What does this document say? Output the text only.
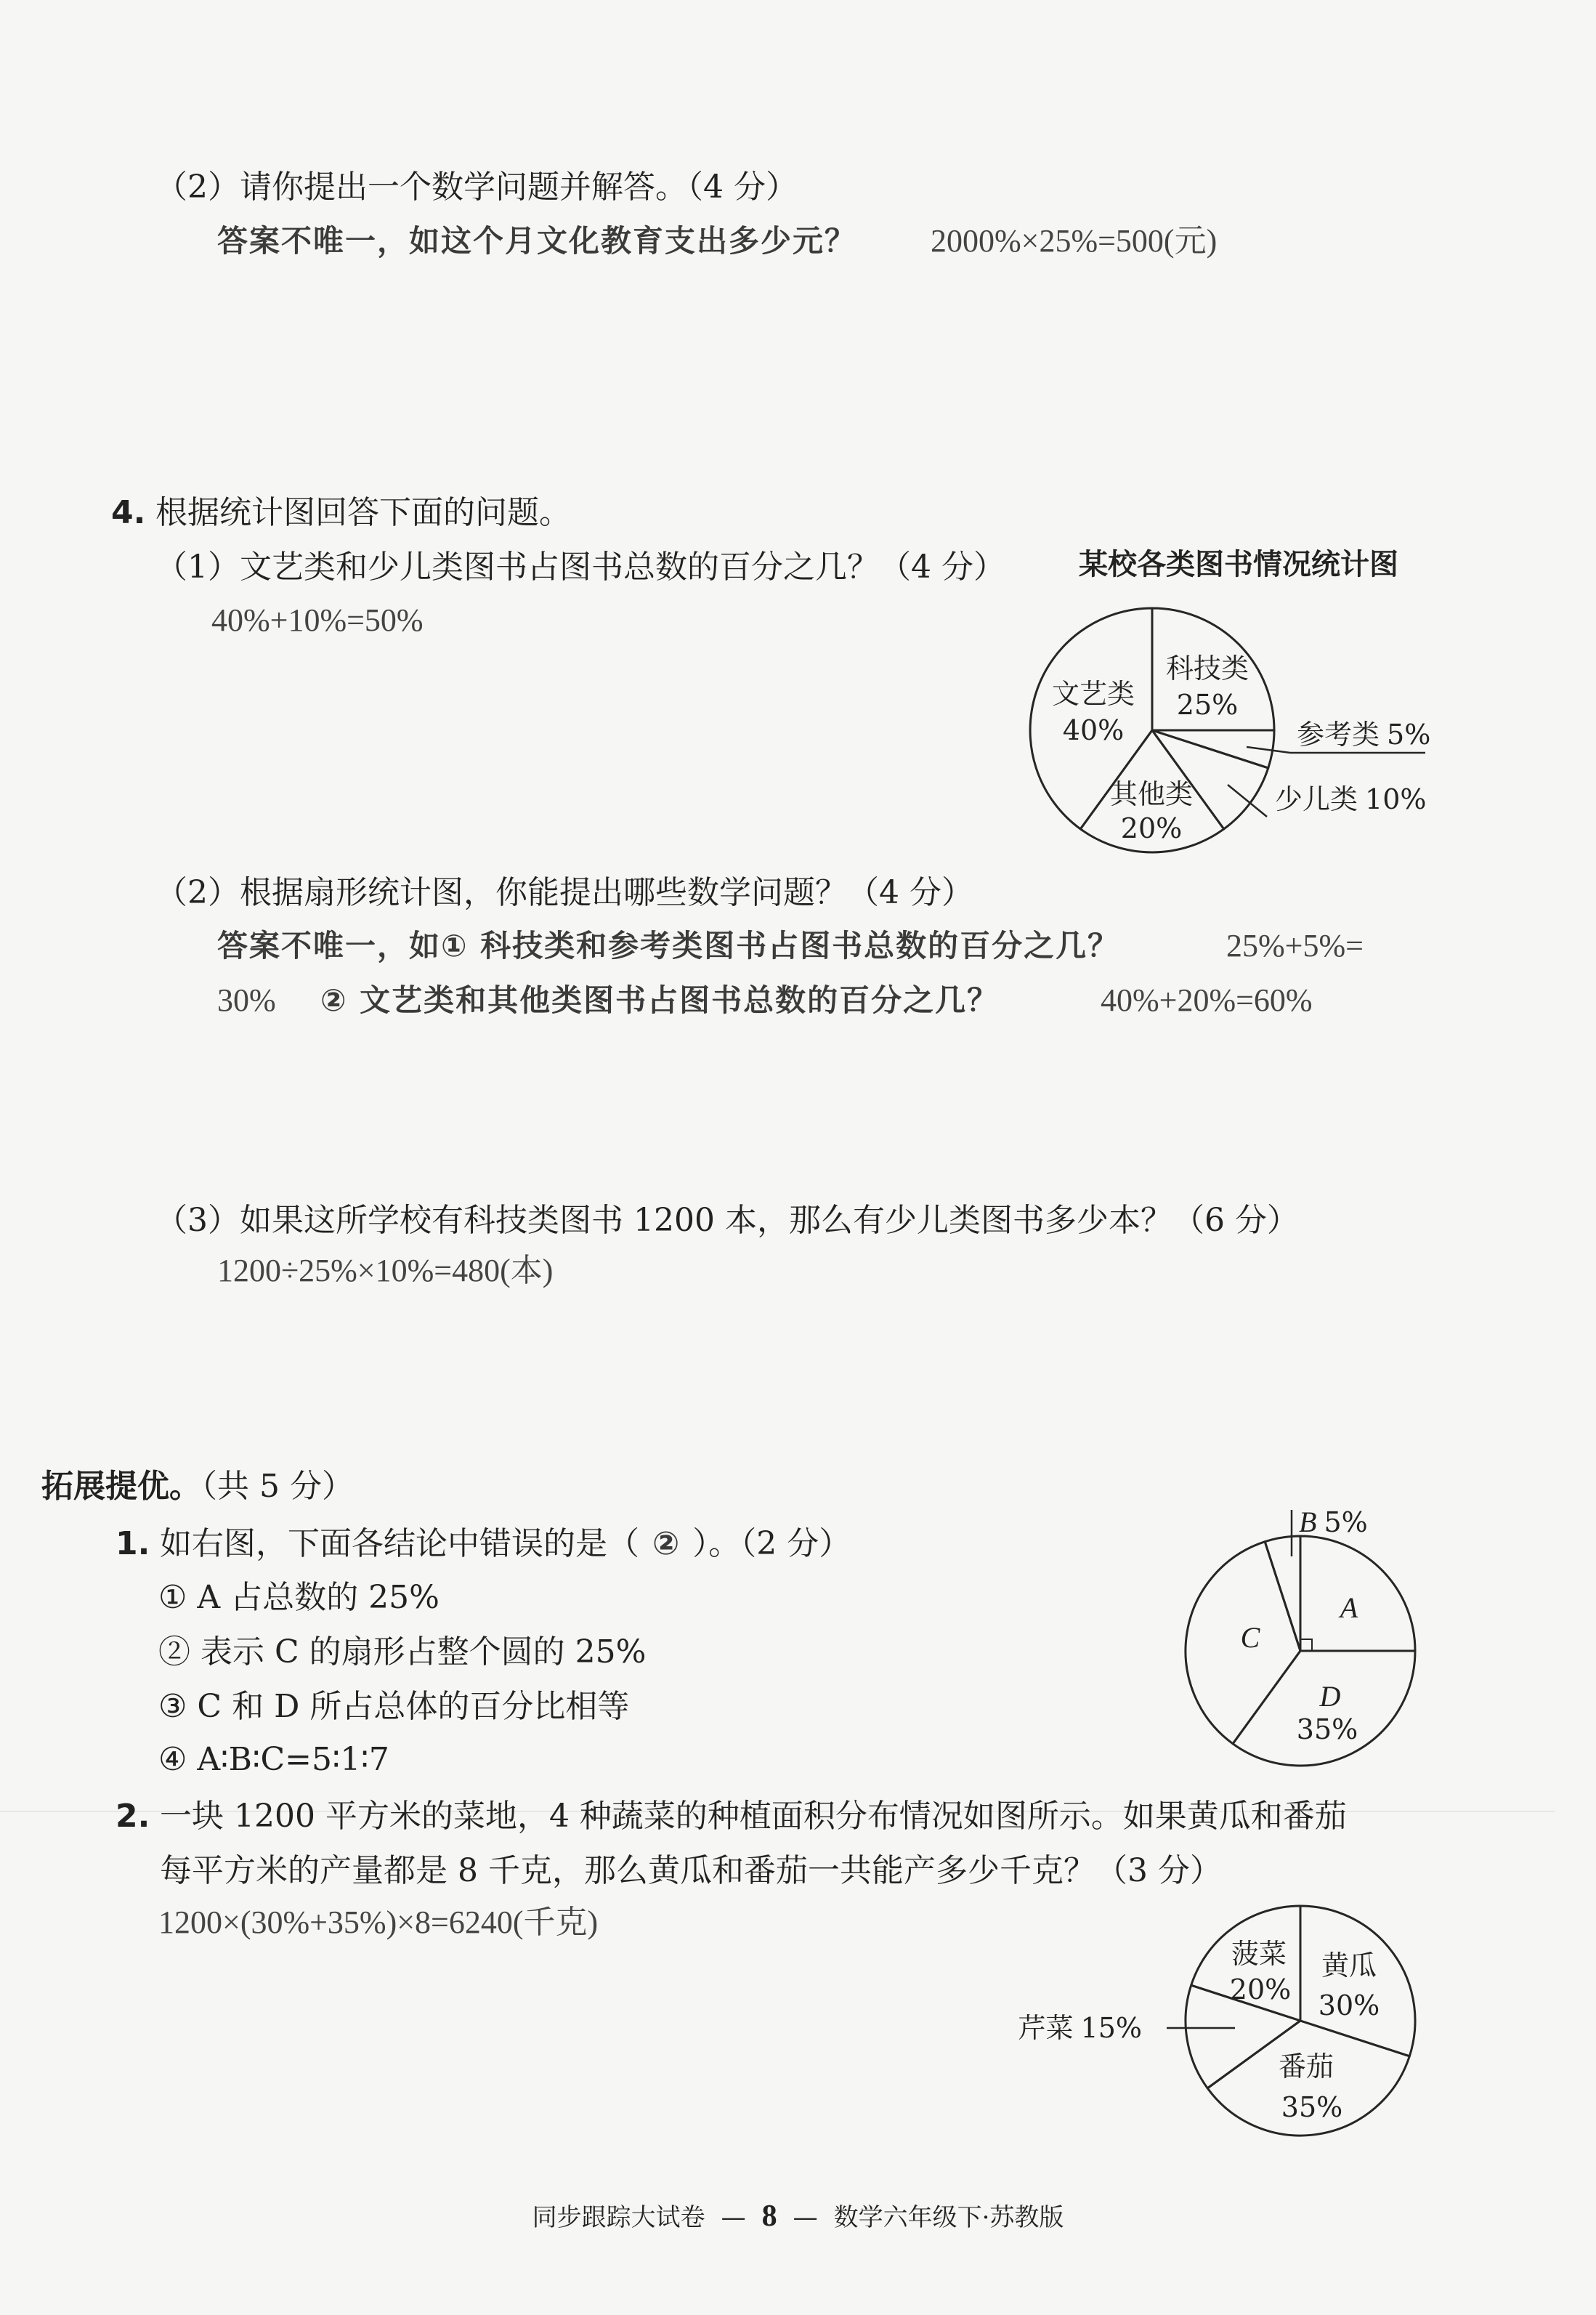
（2）请你提出一个数学问题并解答。（4 分）
答案不唯一，如这个月文化教育支出多少元？ 2000%×25%=500(元)
4. 根据统计图回答下面的问题。
（1）文艺类和少儿类图书占图书总数的百分之几？（4 分）	某校各类图书情况统计图
40%+10%=50%
（2）根据扇形统计图，你能提出哪些数学问题？（4 分）
答案不唯一，如① 科技类和参考类图书占图书总数的百分之几？	25%+5%=
30% ② 文艺类和其他类图书占图书总数的百分之几？	40%+20%=60%
（3）如果这所学校有科技类图书 1200 本，那么有少儿类图书多少本？（6 分）
1200÷25%×10%=480(本)
拓展提优。（共 5 分）
1. 如右图，下面各结论中错误的是（ ② ）。（2 分）
① A 占总数的 25%
② 表示 C 的扇形占整个圆的 25%
③ C 和 D 所占总体的百分比相等
④ A∶B∶C=5∶1∶7
2. 一块 1200 平方米的菜地，4 种蔬菜的种植面积分布情况如图所示。如果黄瓜和番茄
每平方米的产量都是 8 千克，那么黄瓜和番茄一共能产多少千克？（3 分）
1200×(30%+35%)×8=6240(千克)
科技类
25%
参考类 5%
少儿类 10%
其他类
20%
文艺类
40%
A
D
35%
C
B 5%
黄瓜
30%
番茄
35%
芹菜 15%
菠菜
20%
同步跟踪大试卷 — 8 — 数学六年级下·苏教版
